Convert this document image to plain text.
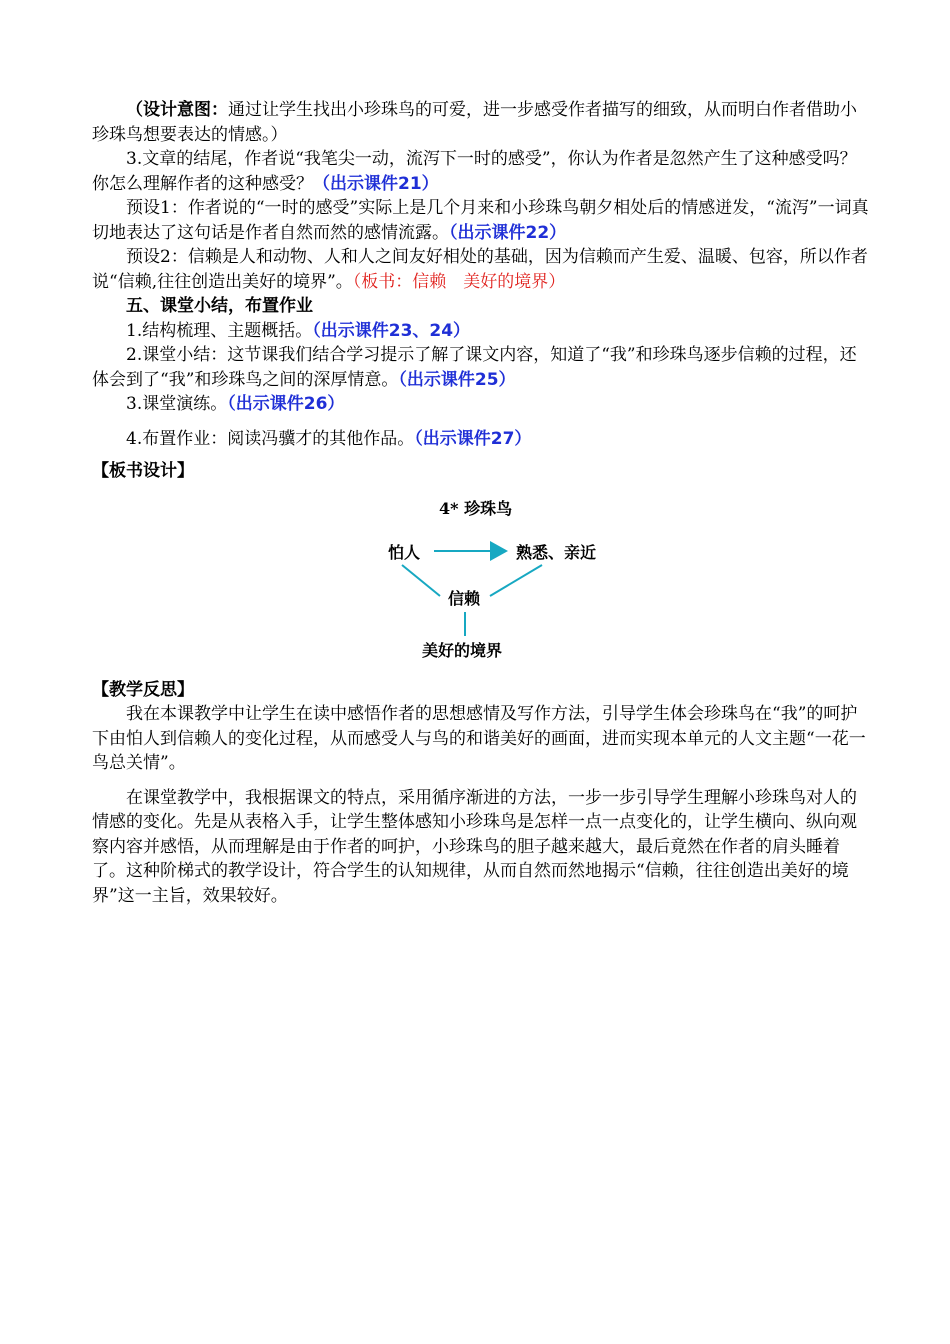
（设计意图：通过让学生找出小珍珠鸟的可爱，进一步感受作者描写的细致，从而明白作者借助小珍珠鸟想要表达的情感。）

3.文章的结尾，作者说“我笔尖一动，流泻下一时的感受”，你认为作者是忽然产生了这种感受吗？你怎么理解作者的这种感受？（出示课件21）

预设1：作者说的“一时的感受”实际上是几个月来和小珍珠鸟朝夕相处后的情感迸发，“流泻”一词真切地表达了这句话是作者自然而然的感情流露。（出示课件22）

预设2：信赖是人和动物、人和人之间友好相处的基础，因为信赖而产生爱、温暖、包容，所以作者说“信赖,往往创造出美好的境界”。（板书：信赖　美好的境界）

五、课堂小结，布置作业

1.结构梳理、主题概括。（出示课件23、24）

2.课堂小结：这节课我们结合学习提示了解了课文内容，知道了“我”和珍珠鸟逐步信赖的过程，还体会到了“我”和珍珠鸟之间的深厚情意。（出示课件25）

3.课堂演练。（出示课件26）

4.布置作业：阅读冯骥才的其他作品。（出示课件27）

【板书设计】

4* 珍珠鸟
怕人	熟悉、亲近
信赖
美好的境界

【教学反思】

我在本课教学中让学生在读中感悟作者的思想感情及写作方法，引导学生体会珍珠鸟在“我”的呵护下由怕人到信赖人的变化过程，从而感受人与鸟的和谐美好的画面，进而实现本单元的人文主题“一花一鸟总关情”。

在课堂教学中，我根据课文的特点，采用循序渐进的方法，一步一步引导学生理解小珍珠鸟对人的情感的变化。先是从表格入手，让学生整体感知小珍珠鸟是怎样一点一点变化的，让学生横向、纵向观察内容并感悟，从而理解是由于作者的呵护，小珍珠鸟的胆子越来越大，最后竟然在作者的肩头睡着了。这种阶梯式的教学设计，符合学生的认知规律，从而自然而然地揭示“信赖，往往创造出美好的境界”这一主旨，效果较好。
